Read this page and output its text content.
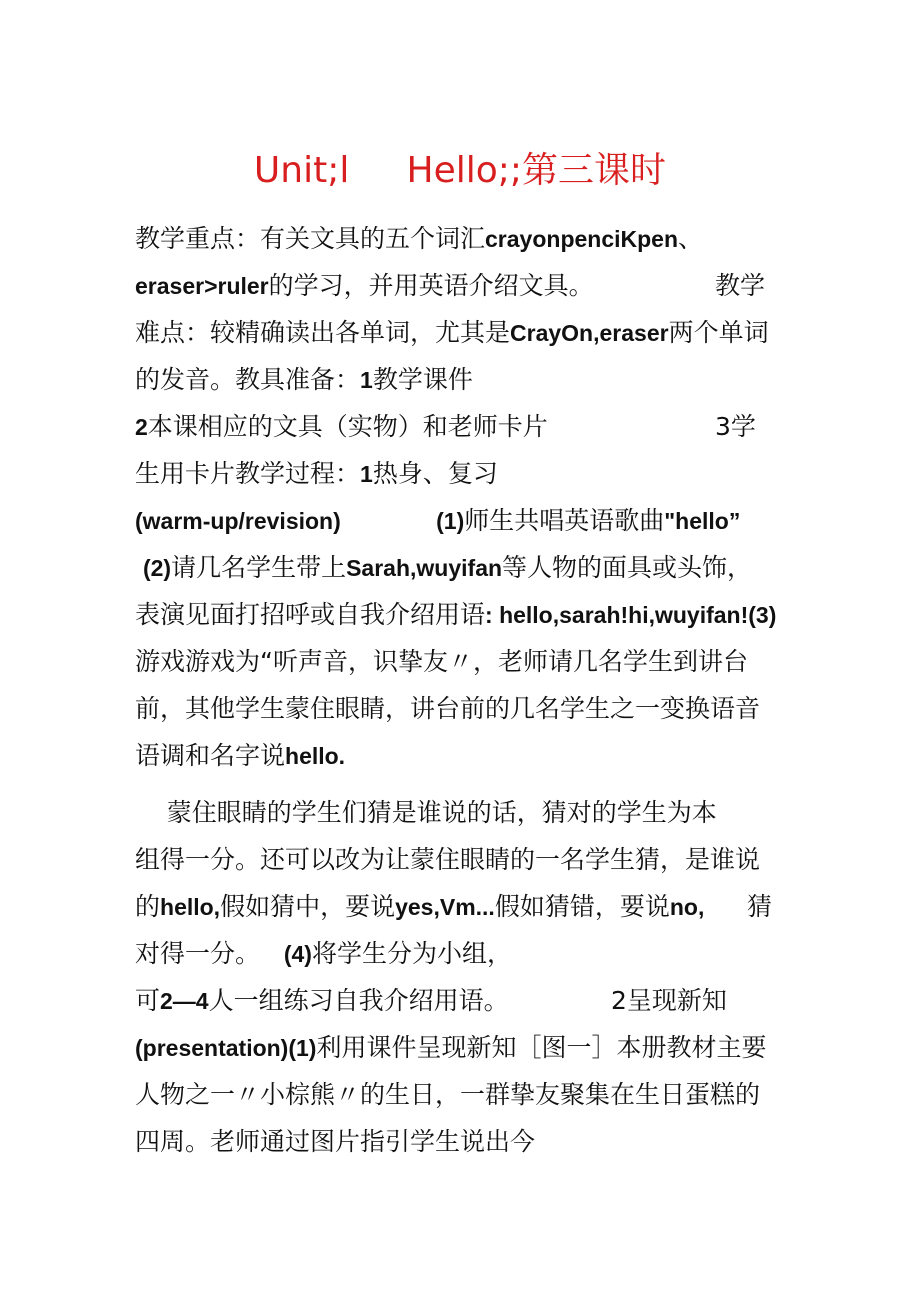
Unit;l     Hello;;第三课时
教学重点：有关文具的五个词汇crayonpenciKpen、
eraser>ruler的学习，并用英语介绍文具。	教学
难点：较精确读出各单词，尤其是CrayOn,eraser两个单词
的发音。教具准备：1教学课件
2本课相应的文具（实物）和老师卡片	3学
生用卡片教学过程：1热身、复习
(warm-up/revision)	(1)师生共唱英语歌曲"hello”
(2)请几名学生带上Sarah,wuyifan等人物的面具或头饰，
表演见面打招呼或自我介绍用语: hello,sarah!hi,wuyifan!(3)
游戏游戏为“听声音，识挚友〃，老师请几名学生到讲台
前，其他学生蒙住眼睛，讲台前的几名学生之一变换语音
语调和名字说hello.
蒙住眼睛的学生们猜是谁说的话，猜对的学生为本
组得一分。还可以改为让蒙住眼睛的一名学生猜，是谁说
的hello,假如猜中，要说yes,Vm...假如猜错，要说no, 猜
对得一分。   (4)将学生分为小组，
可2—4人一组练习自我介绍用语。	2呈现新知
(presentation)(1)利用课件呈现新知［图一］本册教材主要
人物之一〃小棕熊〃的生日，一群挚友聚集在生日蛋糕的
四周。老师通过图片指引学生说出今
